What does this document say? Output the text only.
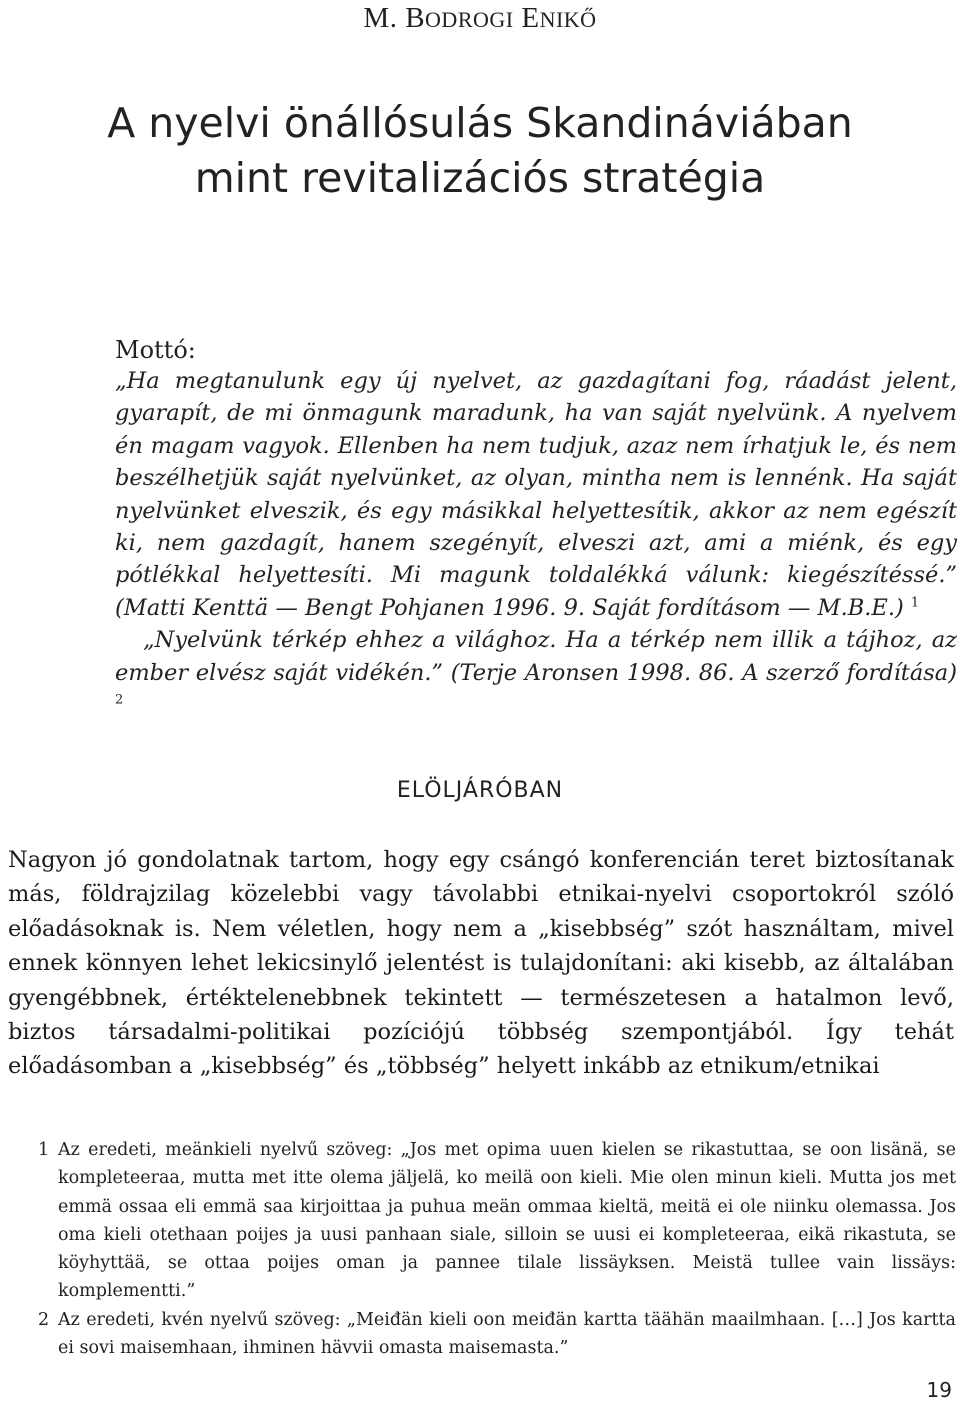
M. BODROGI ENIKŐ
A nyelvi önállósulás Skandináviában
mint revitalizációs stratégia
Mottó:

„Ha megtanulunk egy új nyelvet, az gazdagítani fog, ráadást jelent, gyarapít, de mi önmagunk maradunk, ha van saját nyelvünk. A nyelvem én magam vagyok. Ellenben ha nem tudjuk, azaz nem írhatjuk le, és nem beszélhetjük saját nyelvünket, az olyan, mintha nem is lennénk. Ha saját nyelvünket elveszik, és egy másikkal helyettesítik, akkor az nem egészít ki, nem gazdagít, hanem szegényít, elveszi azt, ami a miénk, és egy pótlékkal helyettesíti. Mi magunk toldalékká válunk: kiegészítéssé.” (Matti Kenttä — Bengt Pohjanen 1996. 9. Saját fordításom — M.B.E.) $^1$

„Nyelvünk térkép ehhez a világhoz. Ha a térkép nem illik a tájhoz, az ember elvész saját vidékén.” (Terje Aronsen 1998. 86. A szerző fordítása) $^2$

ELÖLJÁRÓBAN

Nagyon jó gondolatnak tartom, hogy egy csángó konferencián teret biztosítanak más, földrajzilag közelebbi vagy távolabbi etnikai-nyelvi csoportokról szóló előadásoknak is. Nem véletlen, hogy nem a „kisebbség” szót használtam, mivel ennek könnyen lehet lekicsinylő jelentést is tulajdonítani: aki kisebb, az általában gyengébbnek, értéktelenebbnek tekintett — természetesen a hatalmon levő, biztos társadalmi-politikai pozíciójú többség szempontjából. Így tehát előadásomban a „kisebbség” és „többség” helyett inkább az etnikum/etnikai

1 Az eredeti, meänkieli nyelvű szöveg: „Jos met opima uuen kielen se rikastuttaa, se oon lisänä, se kompleteeraa, mutta met itte olema jäljelä, ko meilä oon kieli. Mie olen minun kieli. Mutta jos met emmä ossaa eli emmä saa kirjoittaa ja puhua meän ommaa kieltä, meitä ei ole niinku olemassa. Jos oma kieli otethaan poijes ja uusi panhaan siale, silloin se uusi ei kompleteeraa, eikä rikastuta, se köyhyttää, se ottaa poijes oman ja pannee tilale lissäyksen. Meistä tullee vain lissäys: komplementti.”

2 Az eredeti, kvén nyelvű szöveg: „Meiđän kieli oon meiđän kartta täähän maailmhaan. […] Jos kartta ei sovi maisemhaan, ihminen hävvii omasta maisemasta.”

19
